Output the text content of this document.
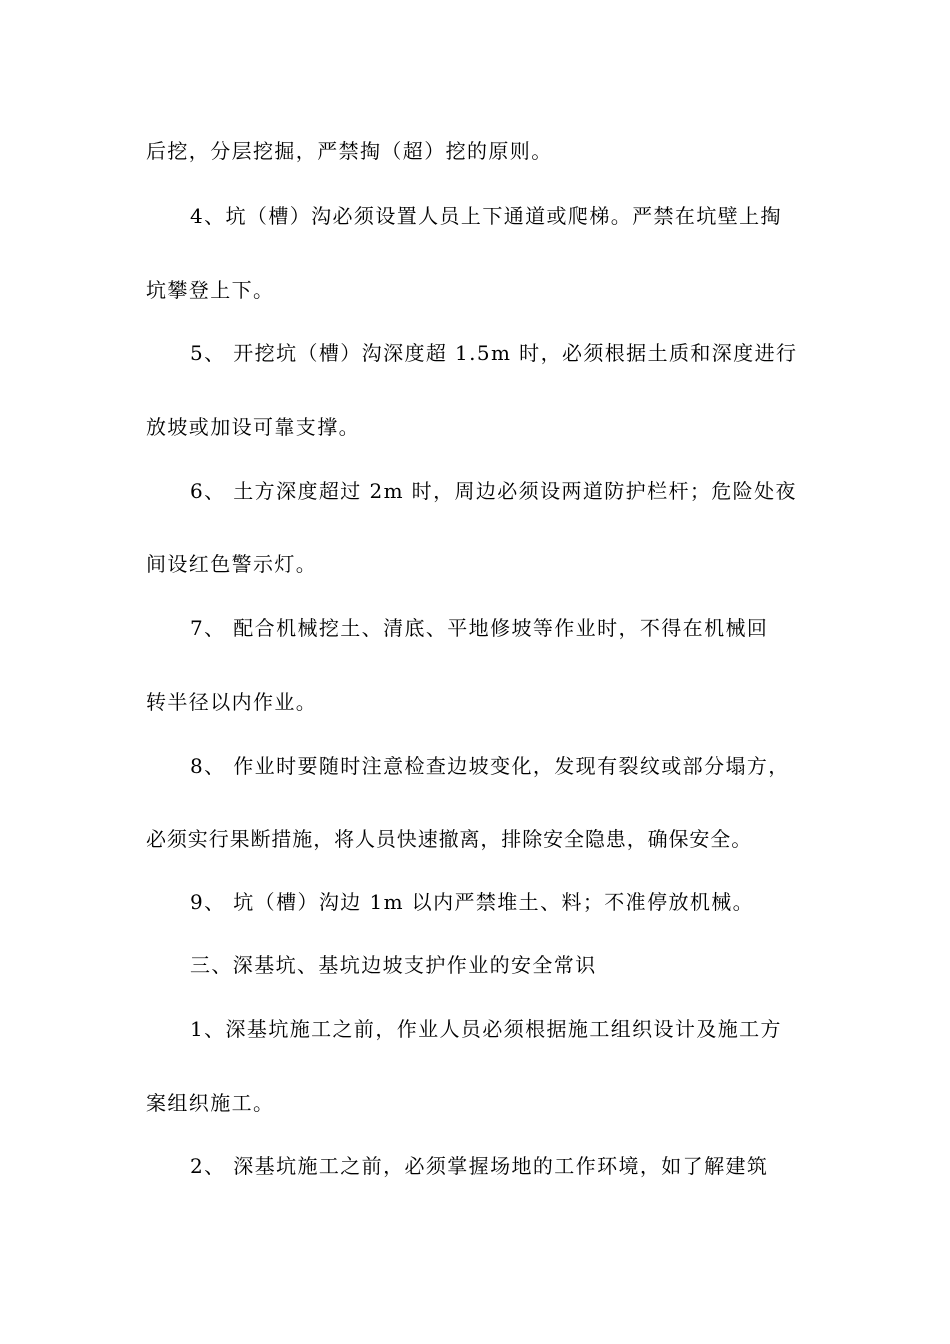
后挖，分层挖掘，严禁掏（超）挖的原则。
4、坑（槽）沟必须设置人员上下通道或爬梯。严禁在坑壁上掏
坑攀登上下。
5、 开挖坑（槽）沟深度超 1.5m 时，必须根据土质和深度进行
放坡或加设可靠支撑。
6、 土方深度超过 2m 时，周边必须设两道防护栏杆；危险处夜
间设红色警示灯。
7、 配合机械挖土、清底、平地修坡等作业时，不得在机械回
转半径以内作业。
8、 作业时要随时注意检查边坡变化，发现有裂纹或部分塌方，
必须实行果断措施，将人员快速撤离，排除安全隐患，确保安全。
9、 坑（槽）沟边 1m 以内严禁堆土、料；不准停放机械。
三、深基坑、基坑边坡支护作业的安全常识
1、深基坑施工之前，作业人员必须根据施工组织设计及施工方
案组织施工。
2、 深基坑施工之前，必须掌握场地的工作环境，如了解建筑
